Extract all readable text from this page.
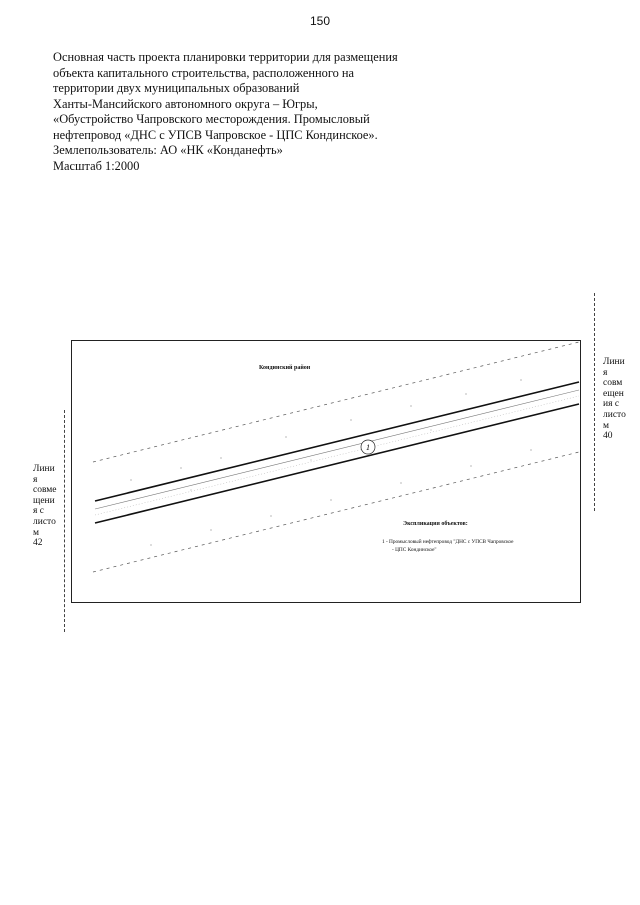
150
Основная часть проекта планировки территории для размещения
объекта капитального строительства, расположенного на
территории двух муниципальных образований
Ханты-Мансийского автономного округа – Югры,
«Обустройство Чапровского месторождения. Промысловый
нефтепровод «ДНС с УПСВ Чапровское - ЦПС Кондинское».
Землепользователь: АО «НК «Конданефть»
Масштаб 1:2000
Лини
я
совм
ещен
ия с
листо
м
40
Лини
я
совме
щени
я с
листо
м
42
1
Кондинский район
Экспликация объектов:
1 - Промысловый нефтепровод "ДНС с УПСВ Чапровское
- ЦПС Кондинское"
